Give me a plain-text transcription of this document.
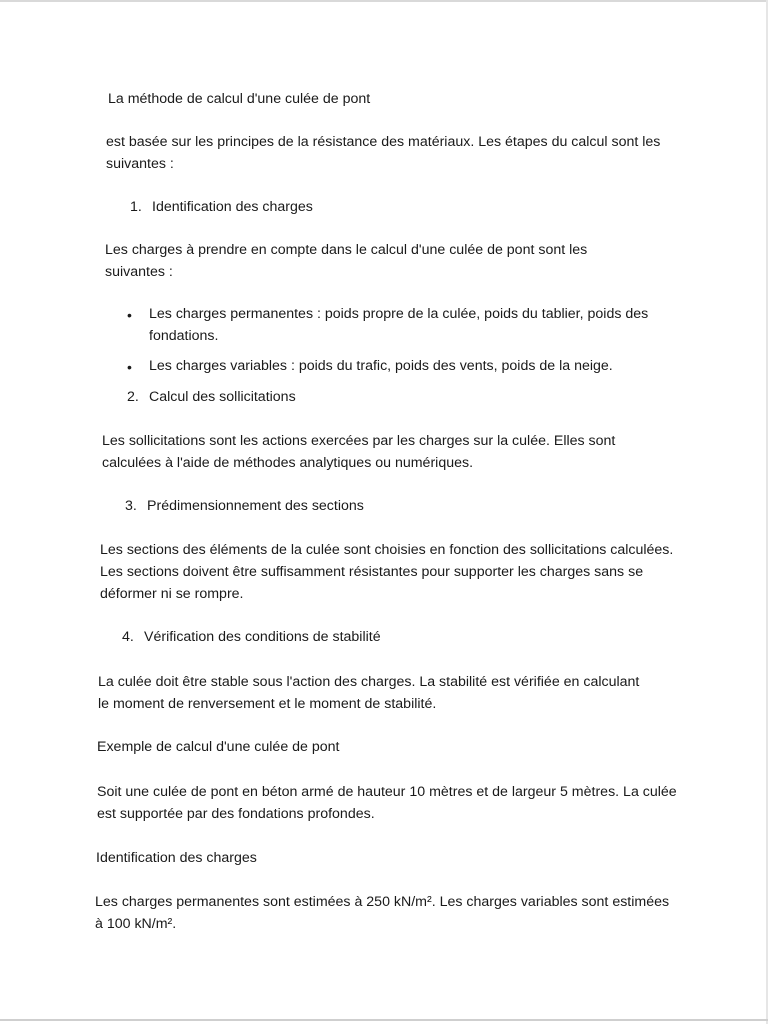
La méthode de calcul d'une culée de pont

est basée sur les principes de la résistance des matériaux. Les étapes du calcul sont les suivantes :

1. Identification des charges

Les charges à prendre en compte dans le calcul d'une culée de pont sont les suivantes :

• Les charges permanentes : poids propre de la culée, poids du tablier, poids des fondations.

• Les charges variables : poids du trafic, poids des vents, poids de la neige.

2. Calcul des sollicitations

Les sollicitations sont les actions exercées par les charges sur la culée. Elles sont calculées à l'aide de méthodes analytiques ou numériques.

3. Prédimensionnement des sections

Les sections des éléments de la culée sont choisies en fonction des sollicitations calculées. Les sections doivent être suffisamment résistantes pour supporter les charges sans se déformer ni se rompre.

4. Vérification des conditions de stabilité

La culée doit être stable sous l'action des charges. La stabilité est vérifiée en calculant le moment de renversement et le moment de stabilité.

Exemple de calcul d'une culée de pont

Soit une culée de pont en béton armé de hauteur 10 mètres et de largeur 5 mètres. La culée est supportée par des fondations profondes.

Identification des charges

Les charges permanentes sont estimées à 250 kN/m². Les charges variables sont estimées à 100 kN/m².
